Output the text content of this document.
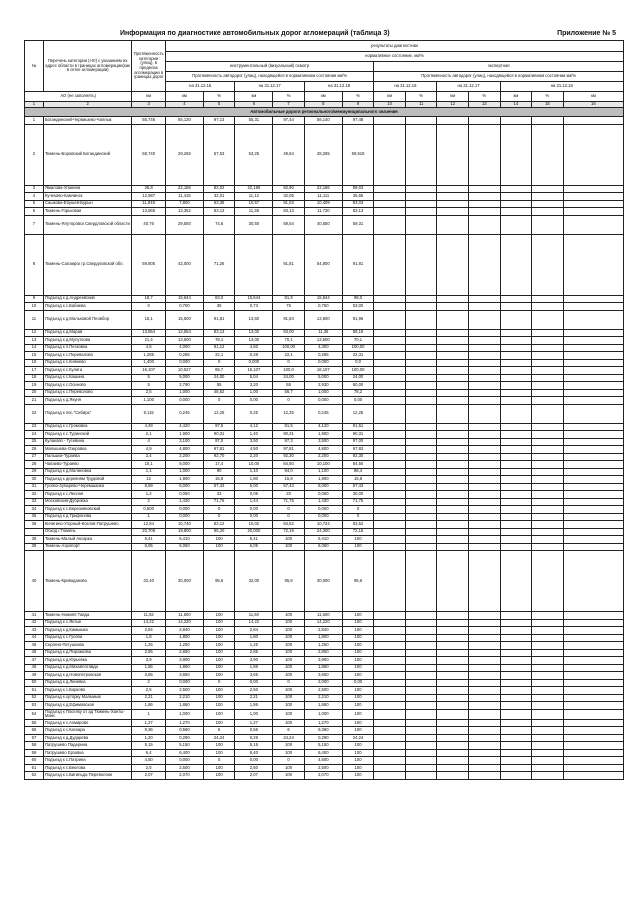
Информация по диагностике автомобильных дорог агломераций (таблица 3)	Приложение № 5
№	Перечень категории (I-III) с указанием их адрес области в границах агломерации(как в сетке агломерации)	Протяженность категории (улиц), в пределах агломерации в границах дорог	результаты диагностики												
			нормативное состояние, км/%												
			инструментальный (визуальный) осмотр						экспертная						
			Протяжённость автодорог (улиц), находящейся в нормативном состоянии км/%						Протяжённость автодорог (улиц), находящейся в нормативном состоянии км/%						
			на 31.12.16		на 31.12.17		на 31.12.18		на 31.12.16		на 31.12.17		на 31.12.18		
АО (не заполнять)		км	км	%	км	%	км	%	км	%	км	%	км	%	км
1	2	3	4	5	6	7	8	9	10	11	12	13	14	15	16
Автомобильные дороги регионального/межмуниципального значения															
1	Богандинский-Червишево-Чаплык	55,746	55,130	97,13	55,31	97,44	56,140	97,48							
2	Тюмень-Боровский Богандинский	58,740	29,265	57,53	53,25	49,64	28,265	59,518							
3	Ямалова-Упанина	26,8	22,186	82,02	22,186	82,90	22,186	89,03							
4	Кучеково-Камчинск	12,987	11,415	32,01	11,12	32,05	11,111	35,65							
5	Сашкова-Ёбушев-Бурын	11,948	7,800	63,35	10,57	91,03	10,409	93,03							
6	Тюмень-Горьковая	13,665	13,352	83,13	11,38	83,13	11,730	83,13							
7	Тюмень-Ялуторовск Свердловской области	40,76	29,550	74,6	30,50	59,54	40,550	59,31							
8	Тюмень-Салаирск гр.Свердловской обл.	59,805	42,000	71,26		91,81	54,800	91,81							
9	Подъезд к д.Андреевский	18,7	15,644	83,0	15,644	91,9	15,644	98,0							
10	Подъезд к с.Бабаева	0	0,700	35	0,73	75	0,750	53,00							
11	Подъезд к д.Мальковой Пеовбор	16,1	15,500	91,81	13,60	91,84	13,800	91,96							
12	Подъезд к д.Марай	13,854	12,554	83,13	13,00	83,00	11,35	88,19							
13	Подъезд к д.Мулуткова	21,4	13,500	78,1	13,00	70,1	13,500	70,1							
14	Подъезд к п.Песковка	4,5	4,000	91,12	4,50	100,00	4,300	100,00							
15	Подъезд к с.Перевалово	1,285	0,285	22,1	0,28	22,1	0,285	22,31							
16	Подъезд к с.Княжево	1,400	0,000	0	0,000	0	0,000	0,0							
17	Подъезд к с.Кулига	16,107	10,527	65,7	16,107	100,0	16,107	100,00							
18	Подъезд к с.Кашина	5	5,000	24,00	5,04	24,00	5,000	24,00							
19	Подъезд к с.Осиново	5	2,790	55	3,20	55	2,930	60,00							
20	Подъезд к с.Переволово	2,5	1,000	46,52	1,00	56,7	1,000	78,2							
21	Подъезд к д.Якуня	1,100	0,000	0	0,00	0	0,000	0,00							
22	Подъезд к пос."Сибирь"	9,115	0,245	12,25	0,25	12,25	0,245	12,25							
23	Подъезд к с.Громовка	4,49	4,420	97,5	4,12	91,5	4,120	91,51							
24	Подъезд к с.Туринский	2,1	1,900	90,31	1,40	90,31	1,900	90,31							
25	Кулаково - Гусевина	4	3,100	97,0	3,50	97,3	3,500	97,00							
26	Малышева-Озеровка	4,9	4,800	97,81	4,50	97,81	4,800	97,83							
27	Пальшки-Тураева	2,4	2,200	92,70	2,20	92,30	2,200	92,30							
28	Чапаево-Тураево	10,1	8,000	17,4	10,00	84,50	10,100	84,50							
29	Подъезд к д.Малиновка	1,1	1,000	90	1,10	94,0	1,100	86,4							
30	Подъезд к деревням Трудовой	12	1,900	15,8	1,80	15,8	1,900	15,8							
31	Гусево-Зубарево-Черемшанка	8,69	5,000	57,43	5,00	57,43	5,000	57,43							
32	Подъезд к с.Лесная	1,2	0,050	33	0,05	20	0,050	30,00							
33	Московский-Дубровка	2	1,430	71,75	1,44	71,75	1,430	71,75							
34	Подъезд к с.Березняковский	0,600	0,000	0	0,00	0	0,000	0							
35	Подъезд к д.Трифонова	1	0,000	0	0,00	0	0,000	0							
36	Кичигино-Угорный-Козлов-Патрушево	12,84	10,740	83,12	10,02	84,52	10,724	83,52							
	Обход г.Тюмень	20,709	19,800	95,20	20,000	72,19	24,300	72,16							
38	Тюмень-Малый Аксарка	5,41	5,410	100	5,41	100	5,410	100							
39	Тюмень-Аэропорт	6,05	6,050	100	6,05	100	6,050	100							
40	Тюмень-Криводаново	32,40	30,000	95,6	32,00	95,6	30,000	95,6							
41	Тюмень-Нижняя Тавда	11,62	11,600	100	11,60	100	11,600	100							
42	Подъезд к с.Янтык	14,22	14,220	100	14,22	100	14,220	100							
43	Подъезд к д.Камышка	2,84	2,840	100	2,84	100	2,840	100							
44	Подъезд к с.Гусева	1,8	1,800	100	1,80	100	1,800	100							
45	Сергино-Петушкова	1,25	1,250	100	1,25	100	1,250	100							
46	Подъезд к д.Пирожкова	2,85	2,850	100	2,85	100	2,850	100							
47	Подъезд к д.Юрьевка	3,9	3,900	100	3,90	100	3,900	100							
48	Подъезд к д.Михайлотавда	1,86	1,860	100	1,86	100	1,860	100							
49	Подъезд к д.Новопетровская	3,65	3,650	100	3,65	100	3,650	100							
50	Подъезд к д.Линевка	2	0,000	0	0,00	0	2,000	0,00							
51	Подъезд к с.Борково	2,5	2,500	100	2,50	100	2,500	100							
52	Подъезд к.хуторку Мальмыж	2,21	2,210	100	2,21	100	2,210	100							
53	Подъезд к д.Ефимовская	1,86	1,860	100	1,86	100	1,860	100							
54	Подъезд к Поселку от ад Тюмень-Ханты-Манс	1	1,000	100	1,00	100	1,000	100							
55	Подъезд к с.Ахмирово	1,27	1,270	100	1,27	100	1,270	100							
56	Подъезд к с.Каскара	9,36	0,560	6	0,56	6	9,360	100							
57	Подъезд к д.Дударева	1,20	0,290	24,24	0,29	24,24	0,290	24,24							
58	Патрушево Падерина	5,15	5,150	100	5,15	100	5,150	100							
59	Патрушево Ерзовка	6,4	6,400	100	6,40	100	6,400	100							
60	Подъезд к с.Патрина	4,50	0,000	0	0,00	0	4,500	100							
61	Подъезд к с.Беклова	2,5	2,500	100	2,50	100	2,500	100							
62	Подъезд к с.Бигильда Переволоки	2,07	2,070	100	2,07	100	2,070	100							
